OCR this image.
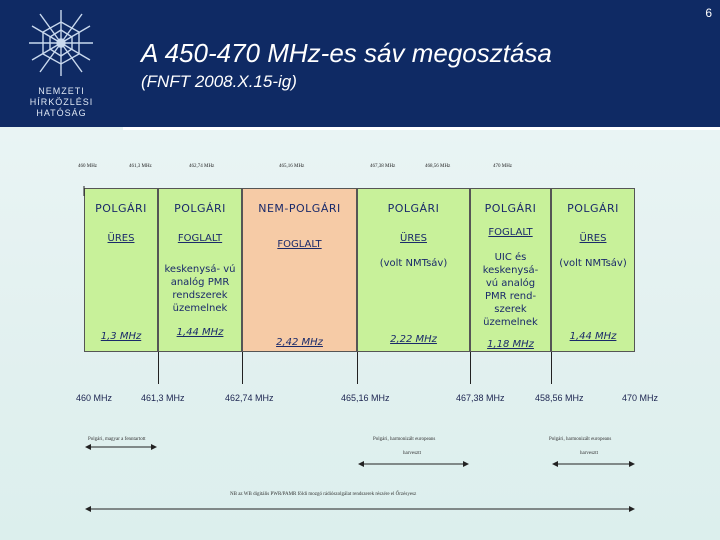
NEMZETI
HÍRKÖZLÉSI
HATÓSÁG
6
A 450-470 MHz-es sáv megosztása
(FNFT 2008.X.15-ig)
460 MHz	461,3 MHz	462,74 MHz	465,16 MHz	467,38 MHz	468,56 MHz	470 MHz
POLGÁRI
ÜRES
1,3 MHz
POLGÁRI
FOGLALT
keskenysá- vú analóg PMR rendszerek üzemelnek
1,44 MHz
NEM-POLGÁRI
FOGLALT
2,42 MHz
POLGÁRI
ÜRES
(volt NMTsáv)
2,22 MHz
POLGÁRI
FOGLALT
UIC és keskenysá- vú analóg PMR rend- szerek üzemelnek
1,18 MHz
POLGÁRI
ÜRES
(volt NMTsáv)
1,44 MHz
460 MHz	461,3 MHz	462,74 MHz	465,16 MHz	467,38 MHz	458,56 MHz	470 MHz
Polgári, magyar a fenntartott	Polgári, harmonizált europeans
harvesztt
Polgári, harmonizált europeans
harvesztt
NB az WB digitális PWR/PAMR földi mozgó rádiószolgálat rendszerek részére el Őrzésyesz
